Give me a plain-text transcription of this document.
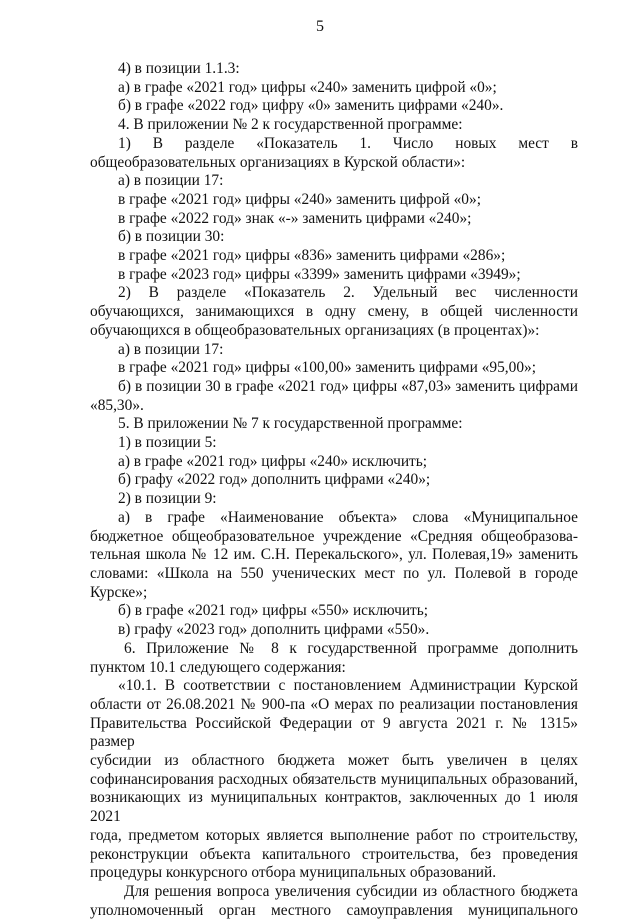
5
4) в позиции 1.1.3:
а) в графе «2021 год» цифры «240» заменить цифрой «0»;
б) в графе «2022 год» цифру «0» заменить цифрами «240».
4. В приложении № 2 к государственной программе:
1) В разделе «Показатель 1. Число новых мест в
общеобразовательных организациях в Курской области»:
а) в позиции 17:
в графе «2021 год» цифры «240» заменить цифрой «0»;
в графе «2022 год» знак «-» заменить цифрами «240»;
б) в позиции 30:
в графе «2021 год» цифры «836» заменить цифрами «286»;
в графе «2023 год» цифры «3399» заменить цифрами «3949»;
2) В разделе «Показатель 2. Удельный вес численности
обучающихся, занимающихся в одну смену, в общей численности
обучающихся в общеобразовательных организациях (в процентах)»:
а) в позиции 17:
в графе «2021 год» цифры «100,00» заменить цифрами «95,00»;
б) в позиции 30 в графе «2021 год» цифры «87,03» заменить цифрами
«85,30».
5. В приложении № 7 к государственной программе:
1) в позиции 5:
а) в графе «2021 год» цифры «240» исключить;
б) графу «2022 год» дополнить цифрами «240»;
2) в позиции 9:
а) в графе «Наименование объекта» слова «Муниципальное
бюджетное общеобразовательное учреждение «Средняя общеобразова-
тельная школа № 12 им. С.Н. Перекальского», ул. Полевая,19» заменить
словами: «Школа на 550 ученических мест по ул. Полевой в городе
Курске»;
б) в графе «2021 год» цифры «550» исключить;
в) графу «2023 год» дополнить цифрами «550».
6. Приложение № 8 к государственной программе дополнить
пунктом 10.1 следующего содержания:
«10.1. В соответствии с постановлением Администрации Курской
области от 26.08.2021 № 900-па «О мерах по реализации постановления
Правительства Российской Федерации от 9 августа 2021 г. № 1315» размер
субсидии из областного бюджета может быть увеличен в целях
софинансирования расходных обязательств муниципальных образований,
возникающих из муниципальных контрактов, заключенных до 1 июля 2021
года, предметом которых является выполнение работ по строительству,
реконструкции объекта капитального строительства, без проведения
процедуры конкурсного отбора муниципальных образований.
Для решения вопроса увеличения субсидии из областного бюджета
уполномоченный орган местного самоуправления муниципального
